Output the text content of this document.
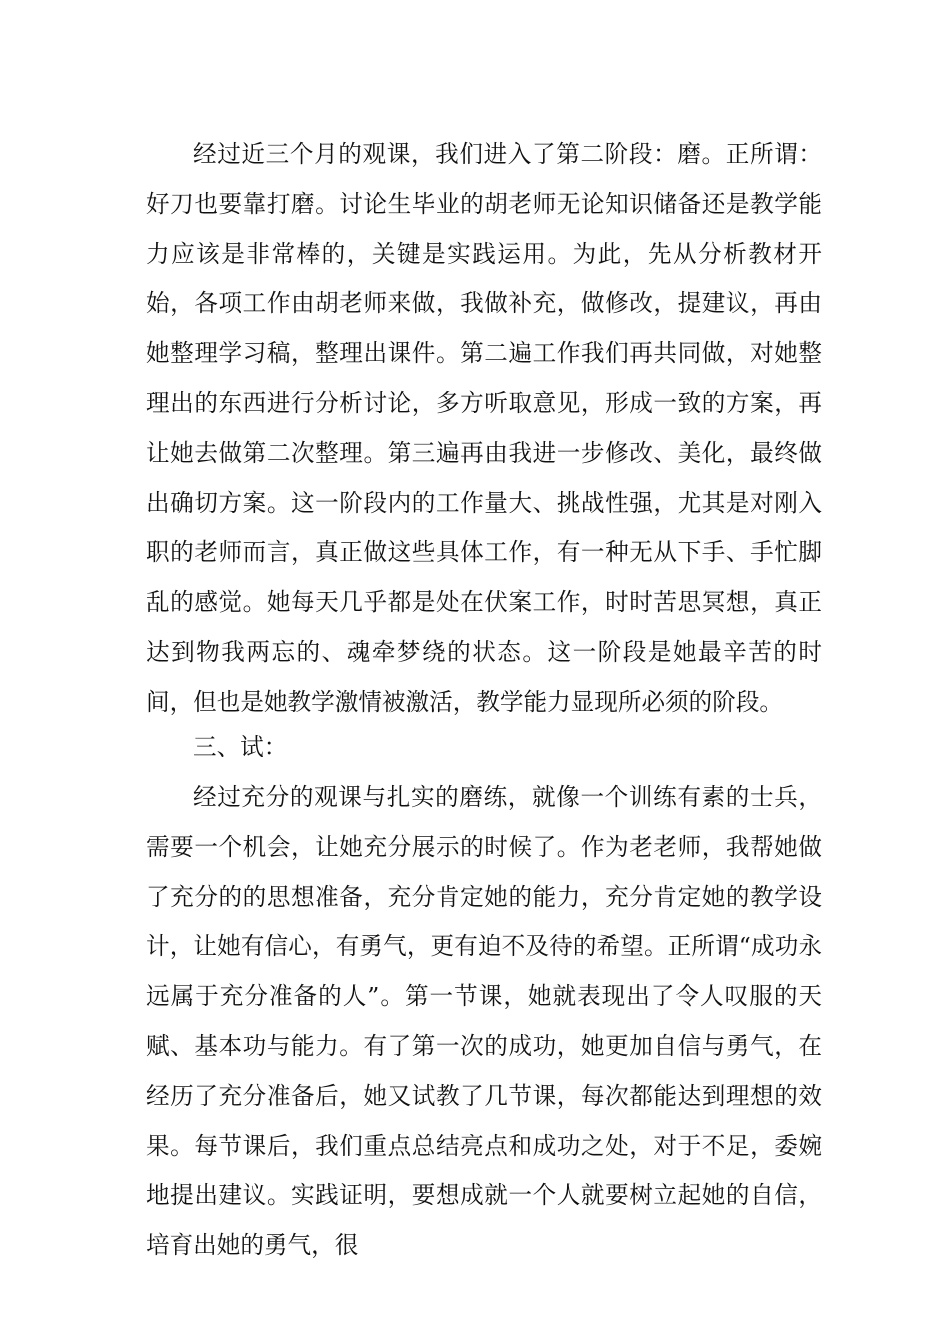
经过近三个月的观课，我们进入了第二阶段：磨。正所谓：好刀也要靠打磨。讨论生毕业的胡老师无论知识储备还是教学能力应该是非常棒的，关键是实践运用。为此，先从分析教材开始，各项工作由胡老师来做，我做补充，做修改，提建议，再由她整理学习稿，整理出课件。第二遍工作我们再共同做，对她整理出的东西进行分析讨论，多方听取意见，形成一致的方案，再让她去做第二次整理。第三遍再由我进一步修改、美化，最终做出确切方案。这一阶段内的工作量大、挑战性强，尤其是对刚入职的老师而言，真正做这些具体工作，有一种无从下手、手忙脚乱的感觉。她每天几乎都是处在伏案工作，时时苦思冥想，真正达到物我两忘的、魂牵梦绕的状态。这一阶段是她最辛苦的时间，但也是她教学激情被激活，教学能力显现所必须的阶段。

三、试：

经过充分的观课与扎实的磨练，就像一个训练有素的士兵，需要一个机会，让她充分展示的时候了。作为老老师，我帮她做了充分的的思想准备，充分肯定她的能力，充分肯定她的教学设计，让她有信心，有勇气，更有迫不及待的希望。正所谓“成功永远属于充分准备的人”。第一节课，她就表现出了令人叹服的天赋、基本功与能力。有了第一次的成功，她更加自信与勇气，在经历了充分准备后，她又试教了几节课，每次都能达到理想的效果。每节课后，我们重点总结亮点和成功之处，对于不足，委婉地提出建议。实践证明，要想成就一个人就要树立起她的自信，培育出她的勇气，很
